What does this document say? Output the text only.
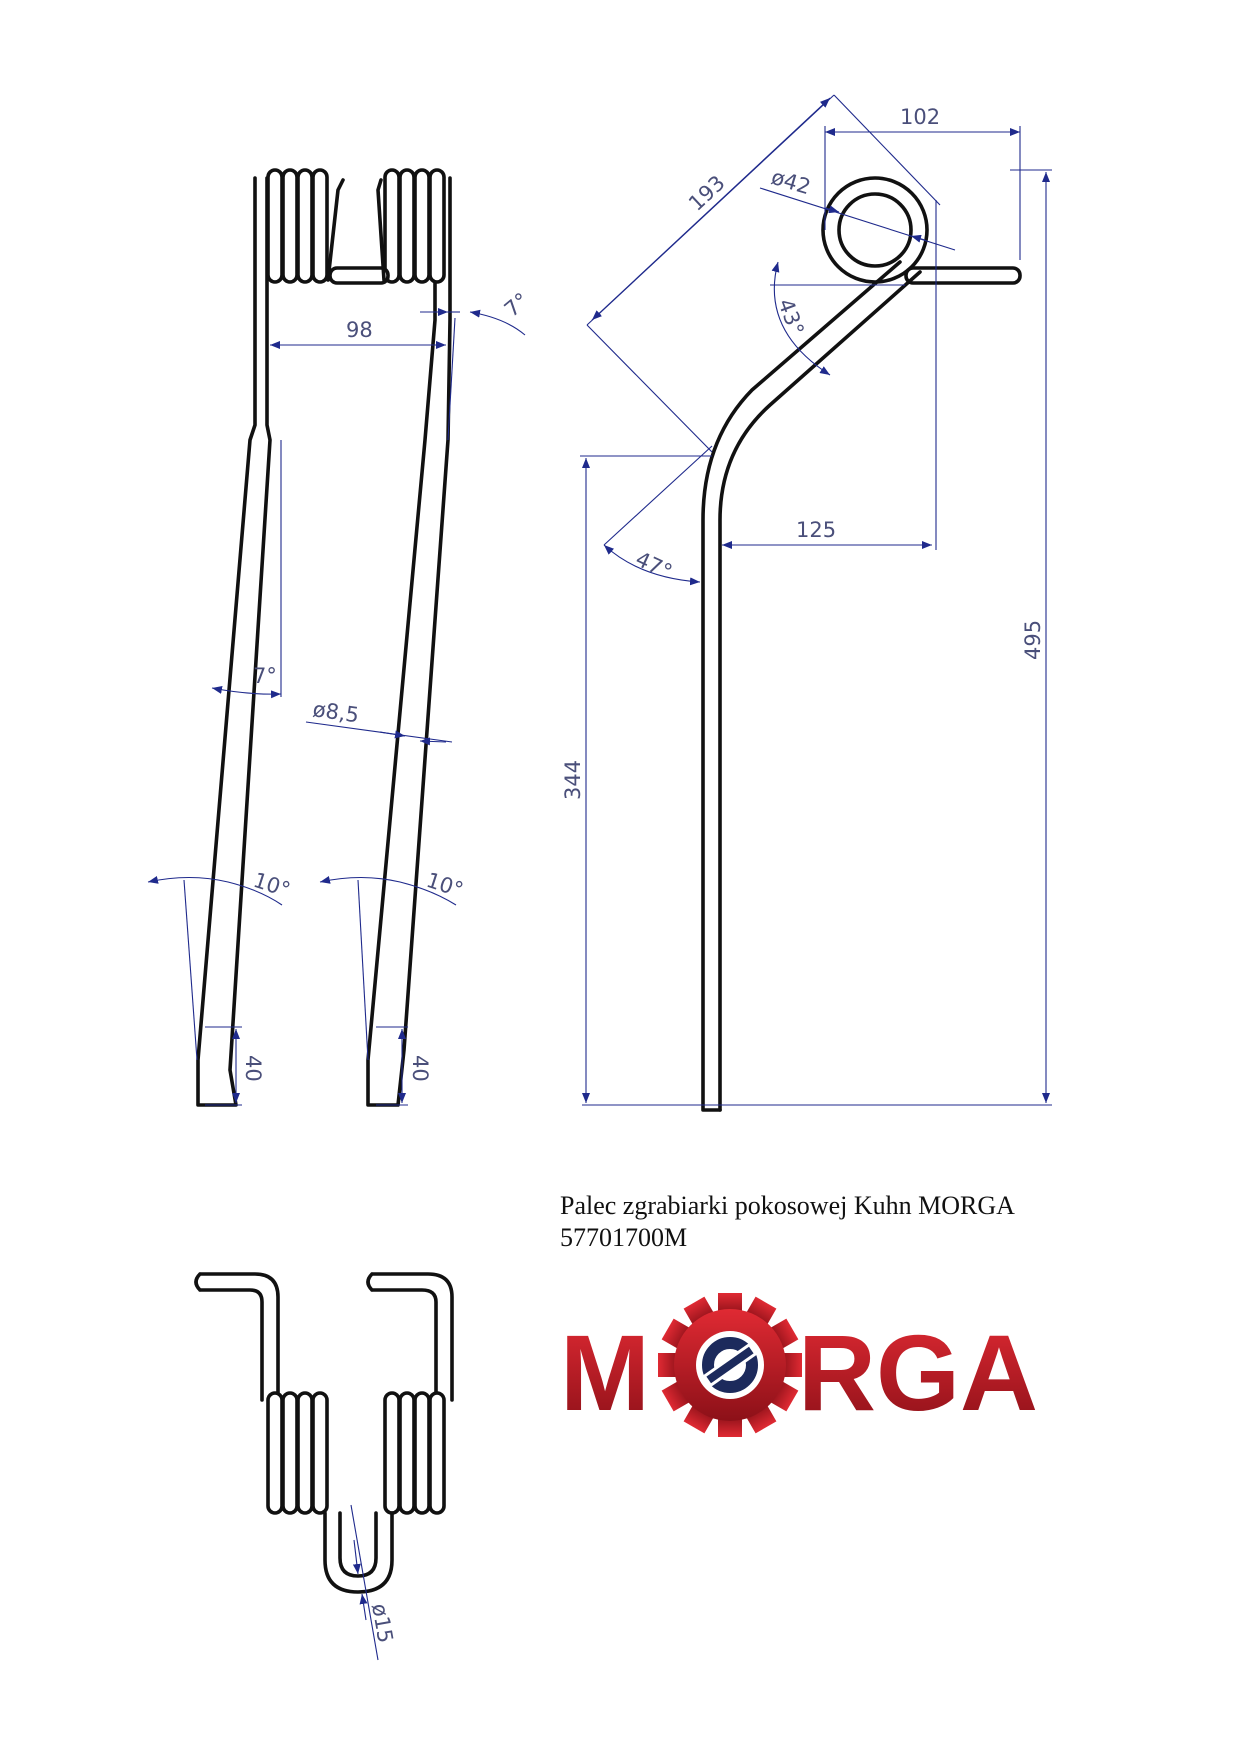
98
7°
7°
ø8,5
10°	10°
40	40
193
102
ø42
43°
125
47°
495
344
ø15
Palec zgrabiarki pokosowej Kuhn MORGA
57701700M
M RGA
